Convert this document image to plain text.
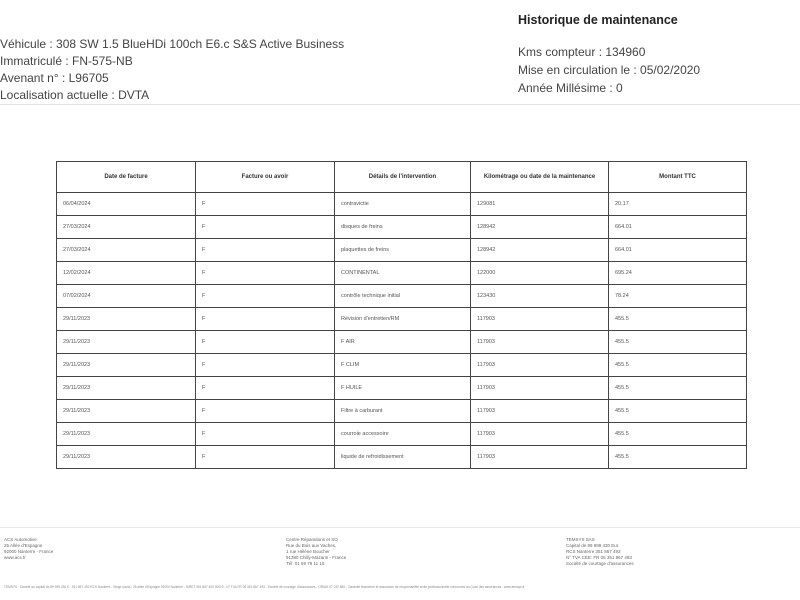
Véhicule : 308 SW 1.5 BlueHDi 100ch E6.c S&S Active Business
Immatriculé : FN-575-NB
Avenant n° : L96705
Localisation actuelle : DVTA
Historique de maintenance
Kms compteur : 134960
Mise en circulation le : 05/02/2020
Année Millésime : 0
Date de facture	Facture ou avoir	Détails de l'intervention	Kilométrage ou date de la maintenance	Montant TTC
06/04/2024	F	contravictie	129081	20.17
27/03/2024	F	disques de freins	128942	664.01
27/03/2024	F	plaquettes de freins	128942	664.01
12/02/2024	F	CONTINENTAL	122000	695.24
07/02/2024	F	contrôle technique initial	123430	78.24
29/11/2023	F	Révision d'entretien/RM	117903	455.5
29/11/2023	F	F AIR	117903	455.5
29/11/2023	F	F CLIM	117903	455.5
29/11/2023	F	F HUILE	117903	455.5
29/11/2023	F	Filtre à carburant	117903	455.5
29/11/2023	F	courroie accessoire	117903	455.5
29/11/2023	F	liquide de refroidissement	117903	455.5
ACS Automotive
25 Allée d'Espagne
92000 Nanterre - France
www.acs.fr
Centre Réparations et SO
Rue du Bois aux Vaches,
1 rue Hélène Boucher
91380 Chilly-Mazarin - France
Tél. 01 69 79 11 15
TEMSYS SAS
Capital de 89 999 430 Eur.
RCS Nanterre 351 867 493
N° TVA CEE: FR 06 351 867 493
Société de courtage d'assurances
TEMSYS : Société au capital de 89 999 430 € - 351 867 493 RCS Nanterre - Siège social : 25 allée d'Espagne 92000 Nanterre - SIRET 351 867 493 00019 - N° TVA FR 06 351 867 493 - Société de courtage d'assurances - ORIAS 07 032 880 - Garantie financière et assurance de responsabilité civile professionnelle conformes au Code des assurances - www.temsys.fr
